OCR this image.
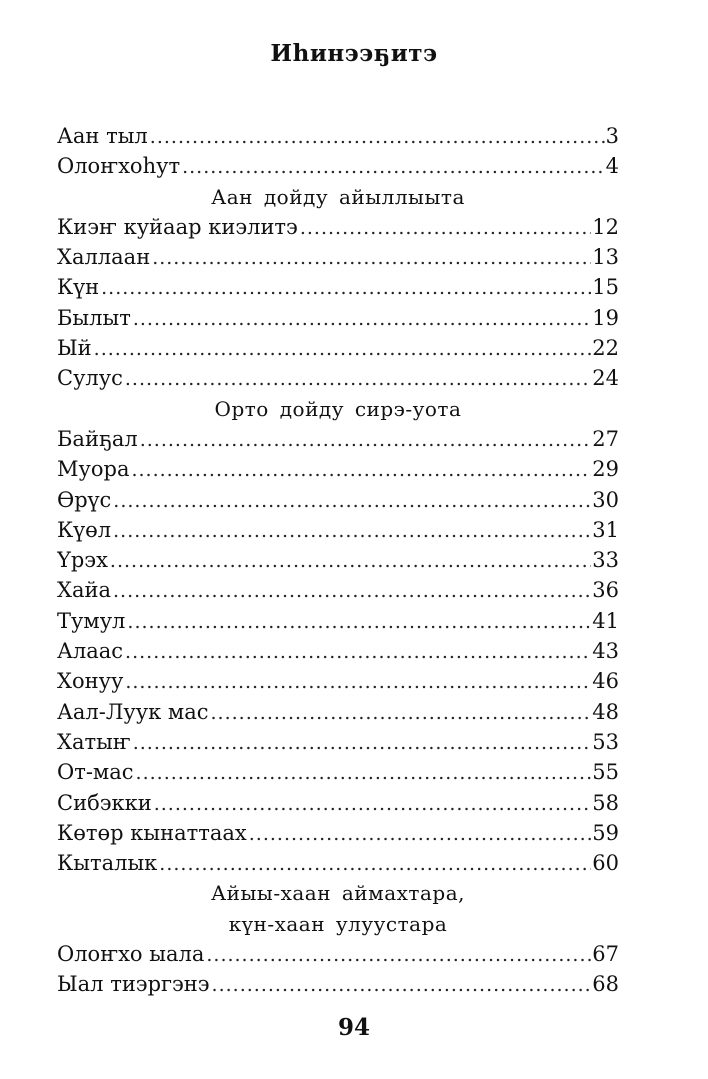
Иhинээҕитэ
Аан тыл .....	3
Олоҥхоhут .....	4
Аан дойду айыллыыта
Киэҥ куйаар киэлитэ .....	12
Халлаан .....	13
Күн .....	15
Былыт .....	19
Ый .....	22
Сулус .....	24
Орто дойду сирэ-уота
Байҕал .....	27
Муора .....	29
Өрүс .....	30
Күөл .....	31
Үрэх .....	33
Хайа .....	36
Тумул .....	41
Алаас .....	43
Хонуу .....	46
Аал-Луук мас .....	48
Хатыҥ .....	53
От-мас .....	55
Сибэкки .....	58
Көтөр кынаттаах .....	59
Кыталык .....	60
Айыы-хаан аймахтара,
күн-хаан улуустара
Олоҥхо ыала .....	67
Ыал тиэргэнэ .....	68
94
